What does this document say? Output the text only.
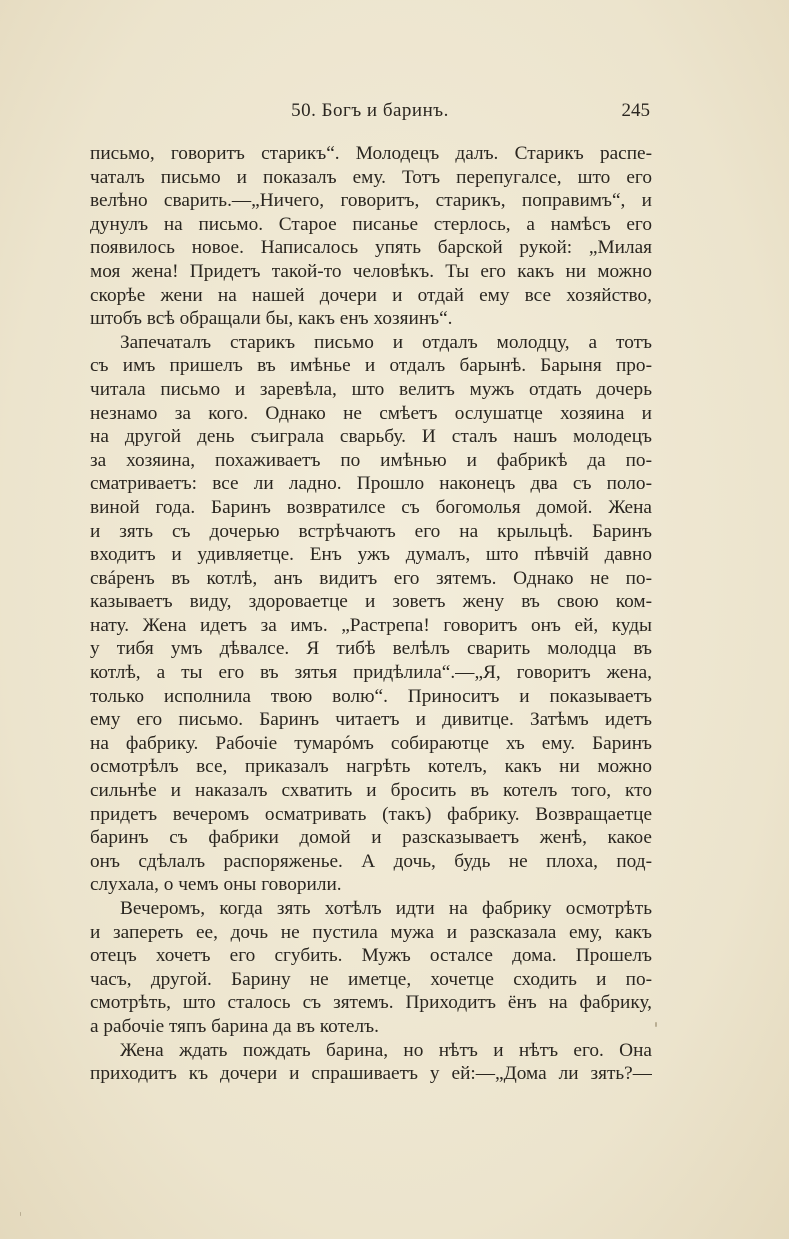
50. Богъ и баринъ.	245
письмо, говоритъ старикъ“. Молодецъ далъ. Старикъ распе-
чаталъ письмо и показалъ ему. Тотъ перепугалсе, што его
велѣно сварить.—„Ничего, говоритъ, старикъ, поправимъ“, и
дунулъ на письмо. Старое писанье стерлось, а намѣсъ его
появилось новое. Написалось упять барской рукой: „Милая
моя жена! Придетъ такой-то человѣкъ. Ты его какъ ни можно
скорѣе жени на нашей дочери и отдай ему все хозяйство,
штобъ всѣ обращали бы, какъ енъ хозяинъ“.
Запечаталъ старикъ письмо и отдалъ молодцу, а тотъ
съ имъ пришелъ въ имѣнье и отдалъ барынѣ. Барыня про-
читала письмо и заревѣла, што велитъ мужъ отдать дочерь
незнамо за кого. Однако не смѣетъ ослушатце хозяина и
на другой день съиграла сварьбу. И сталъ нашъ молодецъ
за хозяина, похаживаетъ по имѣнью и фабрикѣ да по-
сматриваетъ: все ли ладно. Прошло наконецъ два съ поло-
виной года. Баринъ возвратилсе съ богомолья домой. Жена
и зять съ дочерью встрѣчаютъ его на крыльцѣ. Баринъ
входитъ и удивляетце. Енъ ужъ думалъ, што пѣвчій давно
свáренъ въ котлѣ, анъ видитъ его зятемъ. Однако не по-
казываетъ виду, здороваетце и зоветъ жену въ свою ком-
нату. Жена идетъ за имъ. „Растрепа! говоритъ онъ ей, куды
у тибя умъ дѣвалсе. Я тибѣ велѣлъ сварить молодца въ
котлѣ, а ты его въ зятья придѣлила“.—„Я, говоритъ жена,
только исполнила твою волю“. Приноситъ и показываетъ
ему его письмо. Баринъ читаетъ и дивитце. Затѣмъ идетъ
на фабрику. Рабочіе тумарóмъ собираютце хъ ему. Баринъ
осмотрѣлъ все, приказалъ нагрѣть котелъ, какъ ни можно
сильнѣе и наказалъ схватить и бросить въ котелъ того, кто
придетъ вечеромъ осматривать (такъ) фабрику. Возвращаетце
баринъ съ фабрики домой и разсказываетъ женѣ, какое
онъ сдѣлалъ распоряженье. А дочь, будь не плоха, под-
слухала, о чемъ оны говорили.
Вечеромъ, когда зять хотѣлъ идти на фабрику осмотрѣть
и запереть ее, дочь не пустила мужа и разсказала ему, какъ
отецъ хочетъ его сгубить. Мужъ осталсе дома. Прошелъ
часъ, другой. Барину не иметце, хочетце сходить и по-
смотрѣть, што сталось съ зятемъ. Приходитъ ёнъ на фабрику,
а рабочіе тяпъ барина да въ котелъ.
Жена ждать пождать барина, но нѣтъ и нѣтъ его. Она
приходитъ къ дочери и спрашиваетъ у ей:—„Дома ли зять?—
